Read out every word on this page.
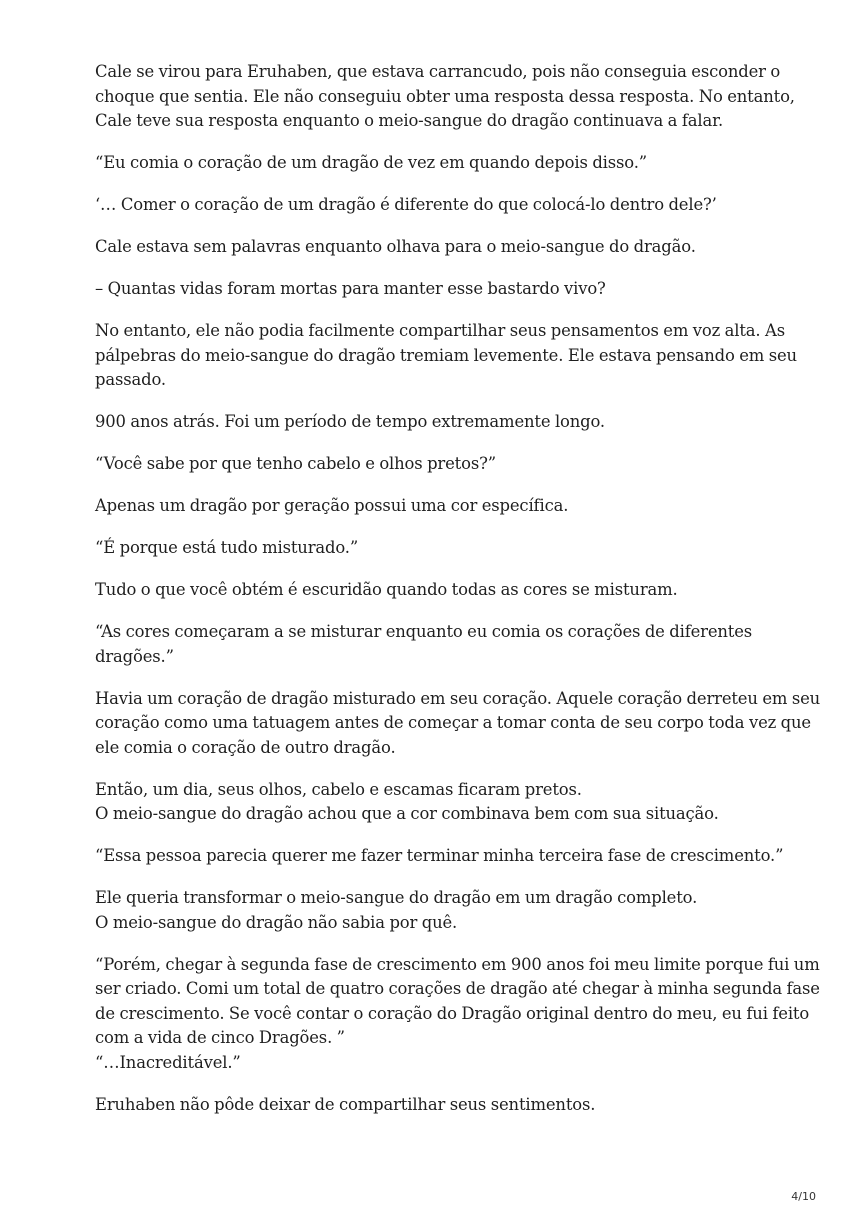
Cale se virou para Eruhaben, que estava carrancudo, pois não conseguia esconder o
choque que sentia. Ele não conseguiu obter uma resposta dessa resposta. No entanto,
Cale teve sua resposta enquanto o meio-sangue do dragão continuava a falar.

“Eu comia o coração de um dragão de vez em quando depois disso.”

‘… Comer o coração de um dragão é diferente do que colocá-lo dentro dele?’

Cale estava sem palavras enquanto olhava para o meio-sangue do dragão.

– Quantas vidas foram mortas para manter esse bastardo vivo?

No entanto, ele não podia facilmente compartilhar seus pensamentos em voz alta. As
pálpebras do meio-sangue do dragão tremiam levemente. Ele estava pensando em seu
passado.

900 anos atrás. Foi um período de tempo extremamente longo.

“Você sabe por que tenho cabelo e olhos pretos?”

Apenas um dragão por geração possui uma cor específica.

“É porque está tudo misturado.”

Tudo o que você obtém é escuridão quando todas as cores se misturam.

“As cores começaram a se misturar enquanto eu comia os corações de diferentes
dragões.”

Havia um coração de dragão misturado em seu coração. Aquele coração derreteu em seu
coração como uma tatuagem antes de começar a tomar conta de seu corpo toda vez que
ele comia o coração de outro dragão.

Então, um dia, seus olhos, cabelo e escamas ficaram pretos.
O meio-sangue do dragão achou que a cor combinava bem com sua situação.

“Essa pessoa parecia querer me fazer terminar minha terceira fase de crescimento.”

Ele queria transformar o meio-sangue do dragão em um dragão completo.
O meio-sangue do dragão não sabia por quê.

“Porém, chegar à segunda fase de crescimento em 900 anos foi meu limite porque fui um
ser criado. Comi um total de quatro corações de dragão até chegar à minha segunda fase
de crescimento. Se você contar o coração do Dragão original dentro do meu, eu fui feito
com a vida de cinco Dragões. ”
“…Inacreditável.”

Eruhaben não pôde deixar de compartilhar seus sentimentos.

4/10
